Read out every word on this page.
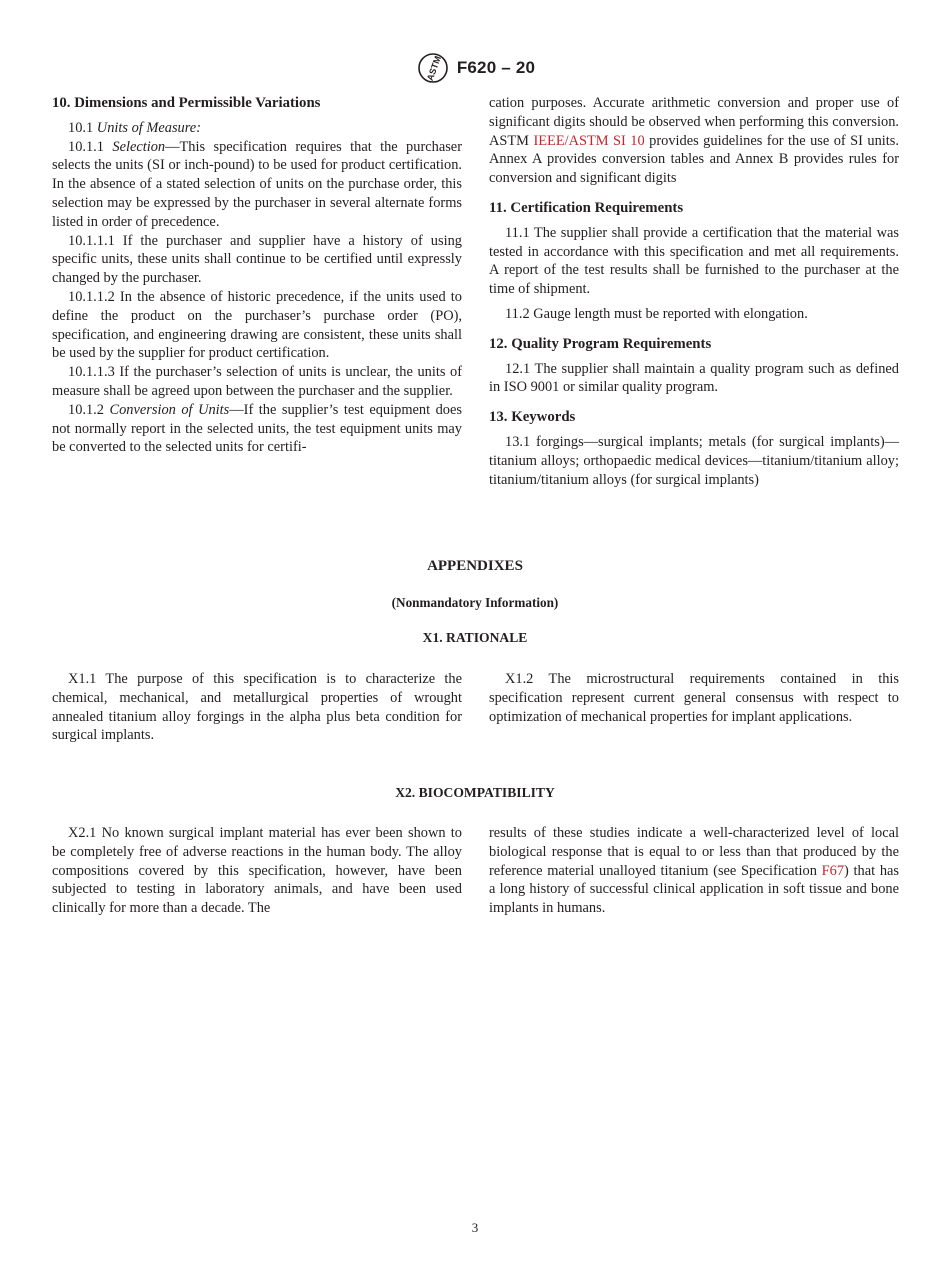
ASTM F620 – 20
10. Dimensions and Permissible Variations

10.1 Units of Measure:

10.1.1 Selection—This specification requires that the purchaser selects the units (SI or inch-pound) to be used for product certification. In the absence of a stated selection of units on the purchase order, this selection may be expressed by the purchaser in several alternate forms listed in order of precedence.

10.1.1.1 If the purchaser and supplier have a history of using specific units, these units shall continue to be certified until expressly changed by the purchaser.

10.1.1.2 In the absence of historic precedence, if the units used to define the product on the purchaser’s purchase order (PO), specification, and engineering drawing are consistent, these units shall be used by the supplier for product certification.

10.1.1.3 If the purchaser’s selection of units is unclear, the units of measure shall be agreed upon between the purchaser and the supplier.

10.1.2 Conversion of Units—If the supplier’s test equipment does not normally report in the selected units, the test equipment units may be converted to the selected units for certifi-

cation purposes. Accurate arithmetic conversion and proper use of significant digits should be observed when performing this conversion. ASTM IEEE/ASTM SI 10 provides guidelines for the use of SI units. Annex A provides conversion tables and Annex B provides rules for conversion and significant digits

11. Certification Requirements

11.1 The supplier shall provide a certification that the material was tested in accordance with this specification and met all requirements. A report of the test results shall be furnished to the purchaser at the time of shipment.

11.2 Gauge length must be reported with elongation.

12. Quality Program Requirements

12.1 The supplier shall maintain a quality program such as defined in ISO 9001 or similar quality program.

13. Keywords

13.1 forgings—surgical implants; metals (for surgical implants)—titanium alloys; orthopaedic medical devices—titanium/titanium alloy; titanium/titanium alloys (for surgical implants)

APPENDIXES
(Nonmandatory Information)
X1. RATIONALE

X1.1 The purpose of this specification is to characterize the chemical, mechanical, and metallurgical properties of wrought annealed titanium alloy forgings in the alpha plus beta condition for surgical implants.

X1.2 The microstructural requirements contained in this specification represent current general consensus with respect to optimization of mechanical properties for implant applications.

X2. BIOCOMPATIBILITY

X2.1 No known surgical implant material has ever been shown to be completely free of adverse reactions in the human body. The alloy compositions covered by this specification, however, have been subjected to testing in laboratory animals, and have been used clinically for more than a decade. The

results of these studies indicate a well-characterized level of local biological response that is equal to or less than that produced by the reference material unalloyed titanium (see Specification F67) that has a long history of successful clinical application in soft tissue and bone implants in humans.

3
